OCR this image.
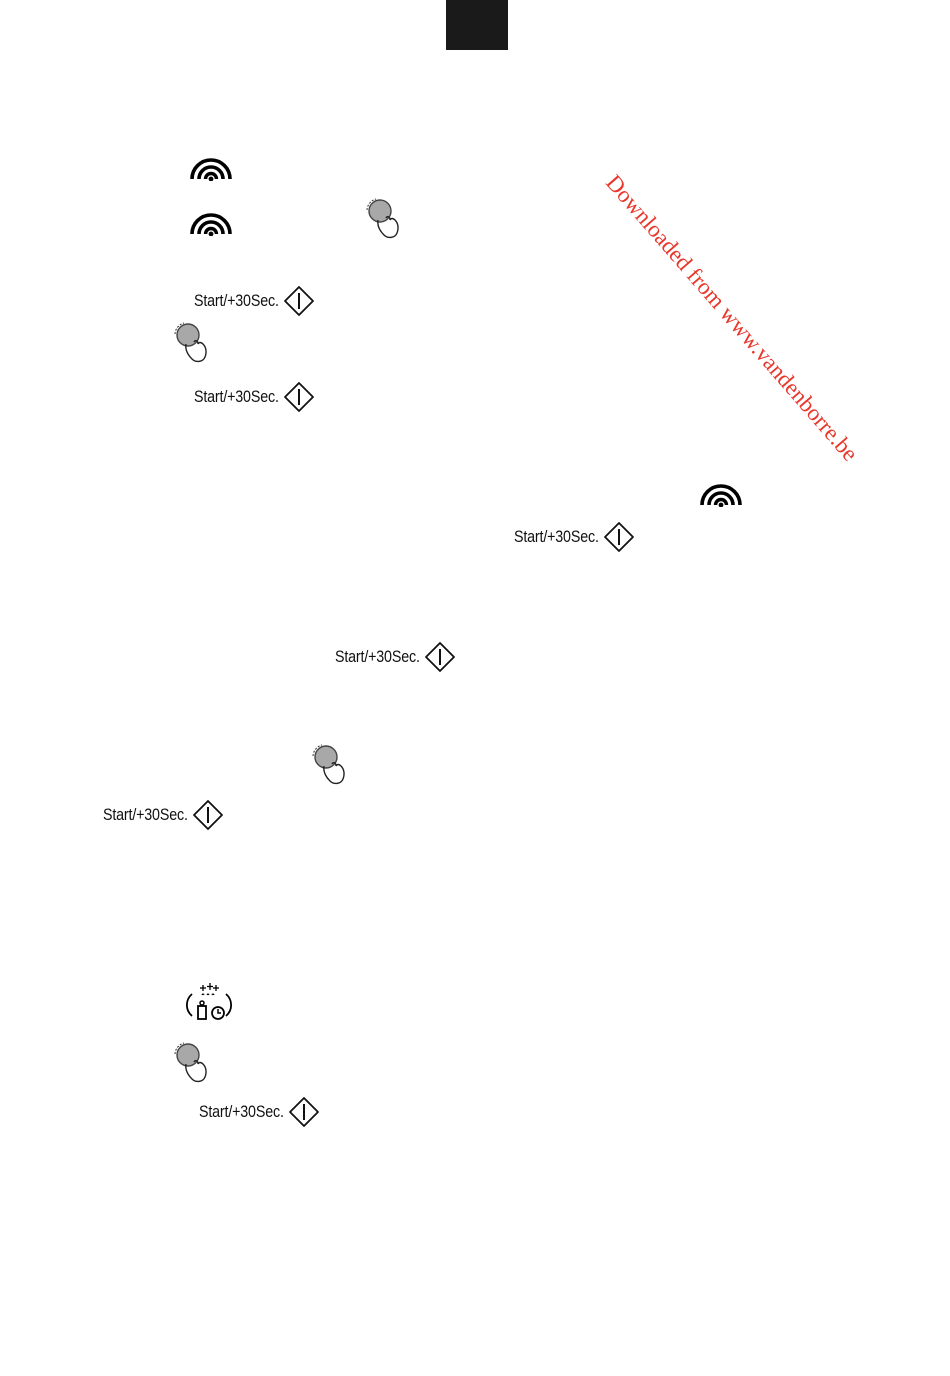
Downloaded from www.vandenborre.be
Start/+30Sec.
Start/+30Sec.
Start/+30Sec.
Start/+30Sec.
Start/+30Sec.
Start/+30Sec.
